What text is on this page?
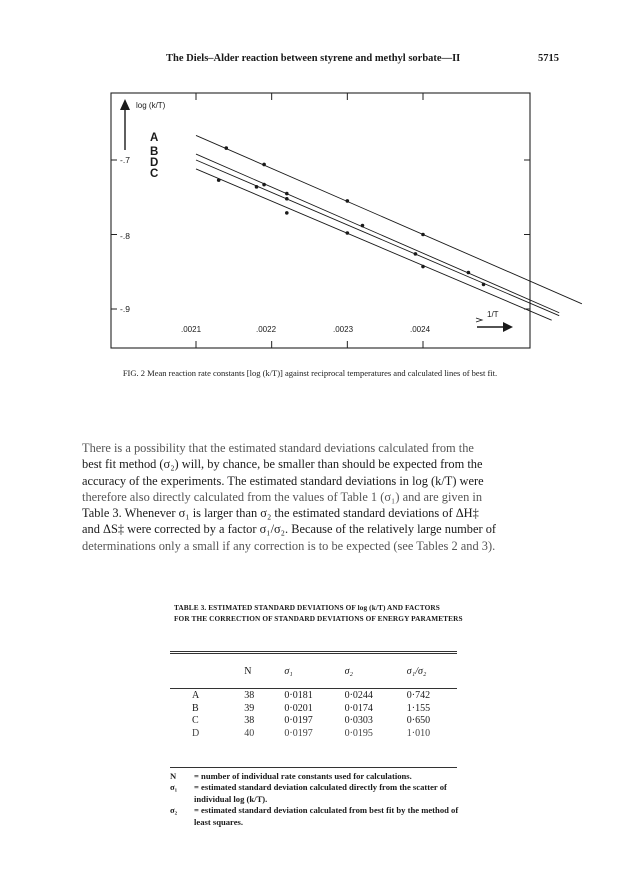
The Diels–Alder reaction between styrene and methyl sorbate—II	5715
log (k/T)
1/T
A
B
D
C
-.7
-.8
-.9
.0021	.0022	.0023	.0024
FIG. 2 Mean reaction rate constants [log (k/T)] against reciprocal temperatures and calculated lines of best fit.
There is a possibility that the estimated standard deviations calculated from the
best fit method (σ₂) will, by chance, be smaller than should be expected from the
accuracy of the experiments. The estimated standard deviations in log (k/T) were
therefore also directly calculated from the values of Table 1 (σ₁) and are given in
Table 3. Whenever σ₁ is larger than σ₂ the estimated standard deviations of ΔH‡
and ΔS‡ were corrected by a factor σ₁/σ₂. Because of the relatively large number of
determinations only a small if any correction is to be expected (see Tables 2 and 3).
TABLE 3. ESTIMATED STANDARD DEVIATIONS OF log (k/T) AND FACTORS
FOR THE CORRECTION OF STANDARD DEVIATIONS OF ENERGY PARAMETERS
	N	σ₁	σ₂	σ₁/σ₂

A	38	0·0181	0·0244	0·742
B	39	0·0201	0·0174	1·155
C	38	0·0197	0·0303	0·650
D	40	0·0197	0·0195	1·010
N = number of individual rate constants used for calculations.
σ₁ = estimated standard deviation calculated directly from the scatter of individual log (k/T).
σ₂ = estimated standard deviation calculated from best fit by the method of least squares.
